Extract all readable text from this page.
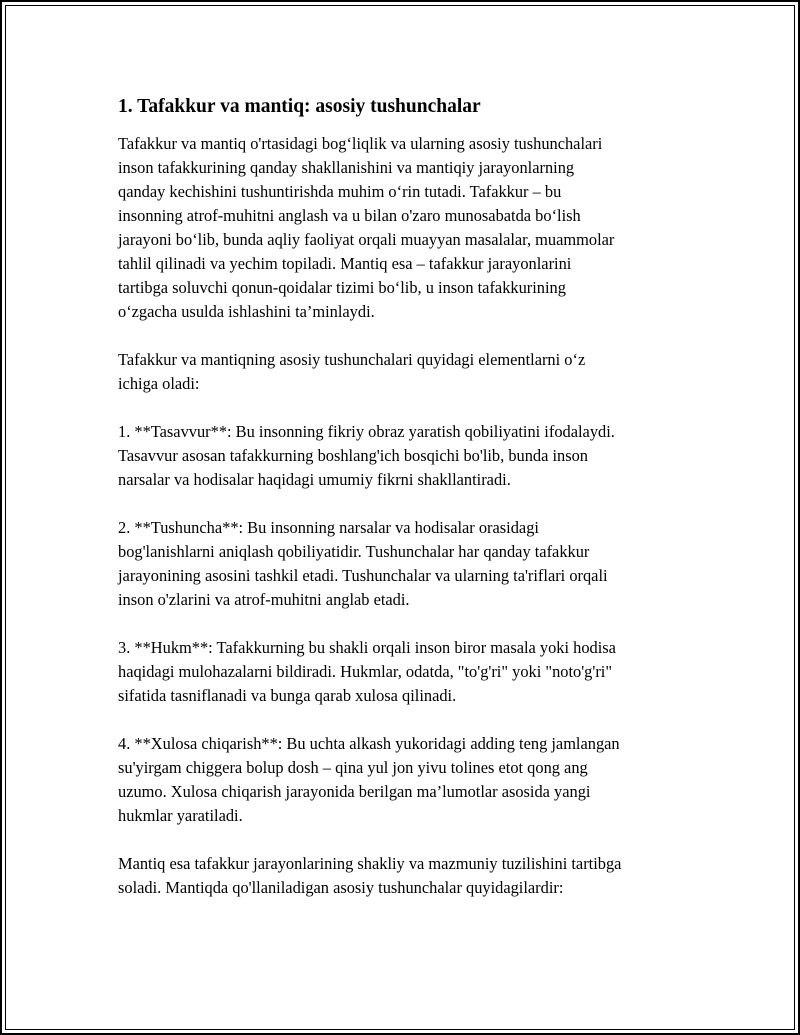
1. Tafakkur va mantiq: asosiy tushunchalar

Tafakkur va mantiq o'rtasidagi bog‘liqlik va ularning asosiy tushunchalari
inson tafakkurining qanday shakllanishini va mantiqiy jarayonlarning
qanday kechishini tushuntirishda muhim o‘rin tutadi. Tafakkur – bu
insonning atrof-muhitni anglash va u bilan o'zaro munosabatda bo‘lish
jarayoni bo‘lib, bunda aqliy faoliyat orqali muayyan masalalar, muammolar
tahlil qilinadi va yechim topiladi. Mantiq esa – tafakkur jarayonlarini
tartibga soluvchi qonun-qoidalar tizimi bo‘lib, u inson tafakkurining
o‘zgacha usulda ishlashini ta’minlaydi.

Tafakkur va mantiqning asosiy tushunchalari quyidagi elementlarni o‘z
ichiga oladi:

1. **Tasavvur**: Bu insonning fikriy obraz yaratish qobiliyatini ifodalaydi.
Tasavvur asosan tafakkurning boshlang'ich bosqichi bo'lib, bunda inson
narsalar va hodisalar haqidagi umumiy fikrni shakllantiradi.

2. **Tushuncha**: Bu insonning narsalar va hodisalar orasidagi
bog'lanishlarni aniqlash qobiliyatidir. Tushunchalar har qanday tafakkur
jarayonining asosini tashkil etadi. Tushunchalar va ularning ta'riflari orqali
inson o'zlarini va atrof-muhitni anglab etadi.

3. **Hukm**: Tafakkurning bu shakli orqali inson biror masala yoki hodisa
haqidagi mulohazalarni bildiradi. Hukmlar, odatda, "to'g'ri" yoki "noto'g'ri"
sifatida tasniflanadi va bunga qarab xulosa qilinadi.

4. **Xulosa chiqarish**: Bu uchta alkash yukoridagi adding teng jamlangan
su'yirgam chiggera bolup dosh – qina yul jon yivu tolines etot qong ang
uzumo. Xulosa chiqarish jarayonida berilgan ma’lumotlar asosida yangi
hukmlar yaratiladi.

Mantiq esa tafakkur jarayonlarining shakliy va mazmuniy tuzilishini tartibga
soladi. Mantiqda qo'llaniladigan asosiy tushunchalar quyidagilardir:
